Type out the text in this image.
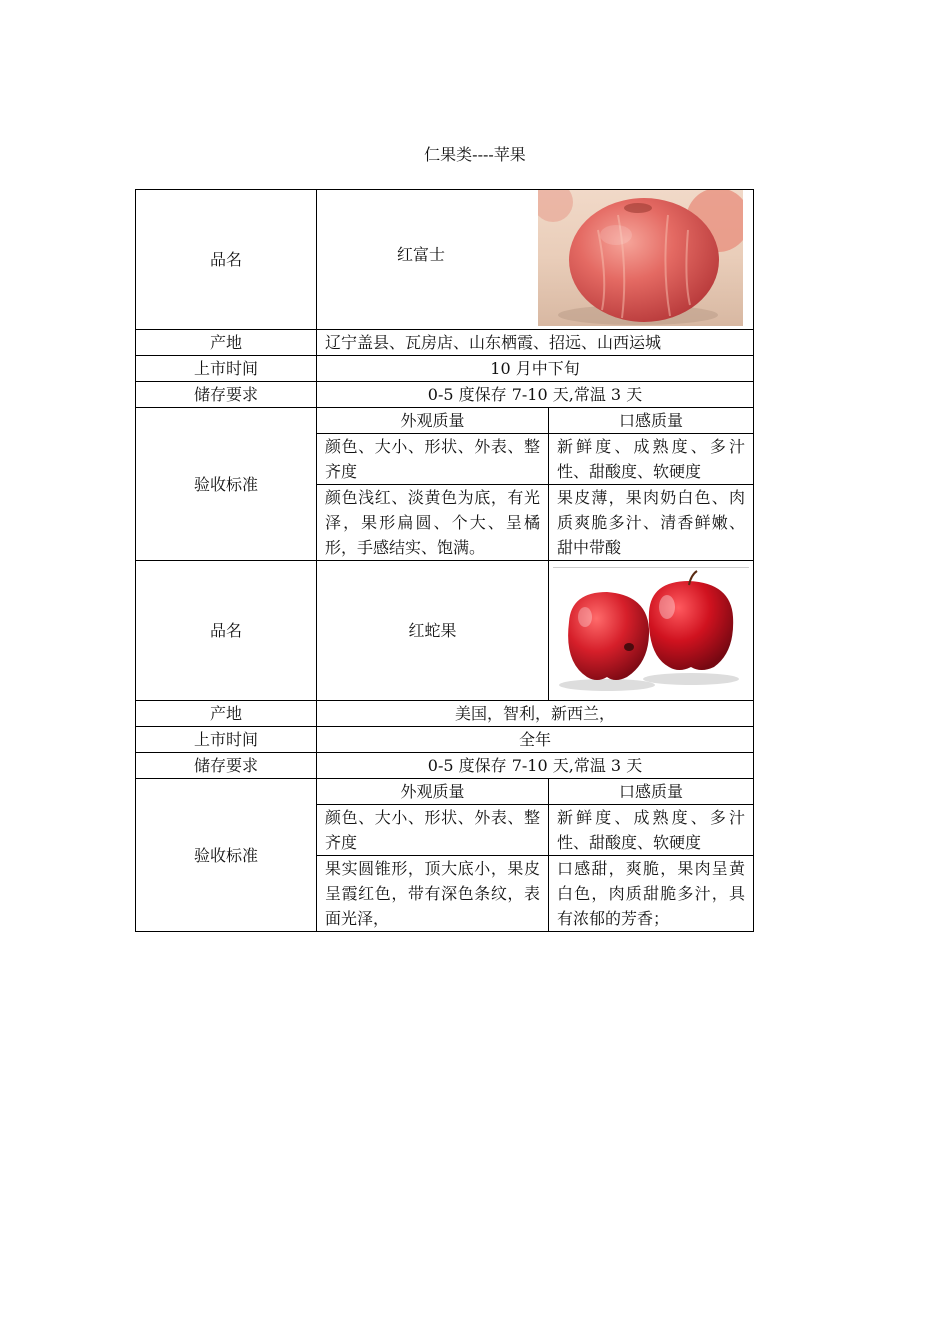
仁果类----苹果
品名	红富士	

产地	辽宁盖县、瓦房店、山东栖霞、招远、山西运城	
上市时间	10 月中下旬	
储存要求	0-5 度保存 7-10 天,常温 3 天	
验收标准	外观质量	口感质量
	颜色、大小、形状、外表、整齐度	新鲜度、成熟度、多汁性、甜酸度、软硬度
	颜色浅红、淡黄色为底，有光泽，果形扁圆、个大、呈橘形，手感结实、饱满。	果皮薄，果肉奶白色、肉质爽脆多汁、清香鲜嫩、甜中带酸
品名	红蛇果	

产地	美国，智利，新西兰，	
上市时间	全年	
储存要求	0-5 度保存 7-10 天,常温 3 天	
验收标准	外观质量	口感质量
	颜色、大小、形状、外表、整齐度	新鲜度、成熟度、多汁性、甜酸度、软硬度
	果实圆锥形，顶大底小，果皮呈霞红色，带有深色条纹，表面光泽，	口感甜，爽脆，果肉呈黄白色，肉质甜脆多汁，具有浓郁的芳香；
